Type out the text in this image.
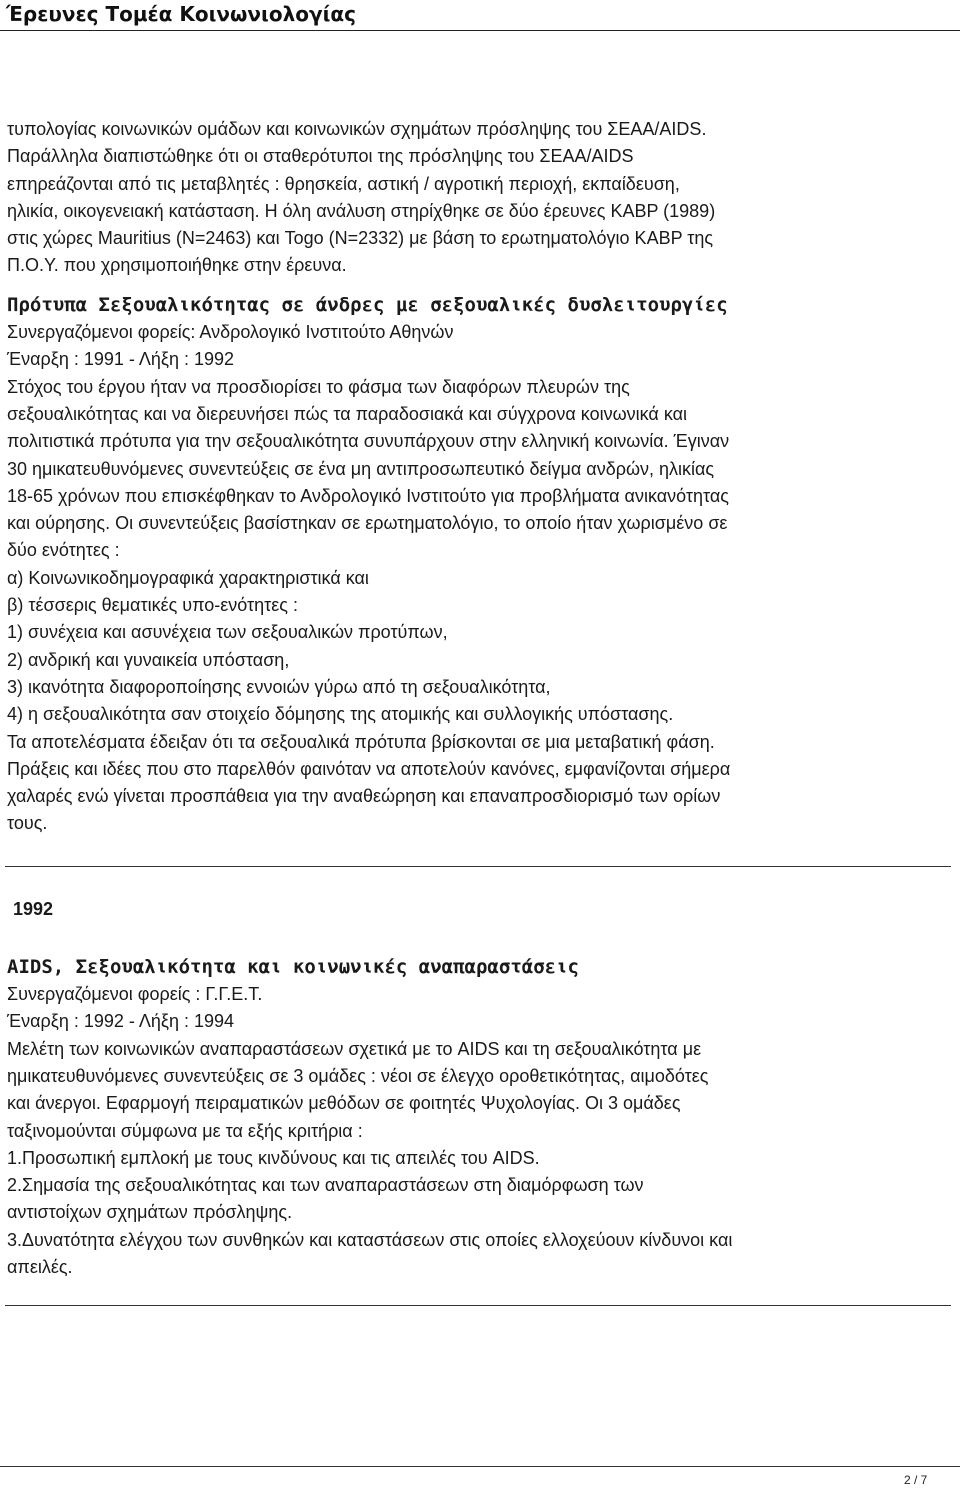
Έρευνες Τομέα Κοινωνιολογίας
τυπολογίας κοινωνικών ομάδων και κοινωνικών σχημάτων πρόσληψης του ΣΕΑΑ/AIDS.
Παράλληλα διαπιστώθηκε ότι οι σταθερότυποι της πρόσληψης του ΣΕΑΑ/AIDS
επηρεάζονται από τις μεταβλητές : θρησκεία, αστική / αγροτική περιοχή, εκπαίδευση,
ηλικία, οικογενειακή κατάσταση. Η όλη ανάλυση στηρίχθηκε σε δύο έρευνες KABP (1989)
στις χώρες Mauritius (N=2463) και Togo (N=2332) με βάση το ερωτηματολόγιο KABP της
Π.Ο.Υ. που χρησιμοποιήθηκε στην έρευνα.
Πρότυπα Σεξουαλικότητας σε άνδρες με σεξουαλικές δυσλειτουργίες
Συνεργαζόμενοι φορείς: Ανδρολογικό Ινστιτούτο Αθηνών
Έναρξη : 1991 - Λήξη : 1992
Στόχος του έργου ήταν να προσδιορίσει το φάσμα των διαφόρων πλευρών της
σεξουαλικότητας και να διερευνήσει πώς τα παραδοσιακά και σύγχρονα κοινωνικά και
πολιτιστικά πρότυπα για την σεξουαλικότητα συνυπάρχουν στην ελληνική κοινωνία. Έγιναν
30 ημικατευθυνόμενες συνεντεύξεις σε ένα μη αντιπροσωπευτικό δείγμα ανδρών, ηλικίας
18-65 χρόνων που επισκέφθηκαν το Ανδρολογικό Ινστιτούτο για προβλήματα ανικανότητας
και ούρησης. Οι συνεντεύξεις βασίστηκαν σε ερωτηματολόγιο, το οποίο ήταν χωρισμένο σε
δύο ενότητες :
α) Κοινωνικοδημογραφικά χαρακτηριστικά και
β) τέσσερις θεματικές υπο-ενότητες :
1) συνέχεια και ασυνέχεια των σεξουαλικών προτύπων,
2) ανδρική και γυναικεία υπόσταση,
3) ικανότητα διαφοροποίησης εννοιών γύρω από τη σεξουαλικότητα,
4) η σεξουαλικότητα σαν στοιχείο δόμησης της ατομικής και συλλογικής υπόστασης.
Τα αποτελέσματα έδειξαν ότι τα σεξουαλικά πρότυπα βρίσκονται σε μια μεταβατική φάση.
Πράξεις και ιδέες που στο παρελθόν φαινόταν να αποτελούν κανόνες, εμφανίζονται σήμερα
χαλαρές ενώ γίνεται προσπάθεια για την αναθεώρηση και επαναπροσδιορισμό των ορίων
τους.
1992
AIDS, Σεξουαλικότητα και κοινωνικές αναπαραστάσεις
Συνεργαζόμενοι φορείς : Γ.Γ.Ε.Τ.
Έναρξη : 1992 - Λήξη : 1994
Μελέτη των κοινωνικών αναπαραστάσεων σχετικά με το AIDS και τη σεξουαλικότητα με
ημικατευθυνόμενες συνεντεύξεις σε 3 ομάδες : νέοι σε έλεγχο οροθετικότητας, αιμοδότες
και άνεργοι. Εφαρμογή πειραματικών μεθόδων σε φοιτητές Ψυχολογίας. Οι 3 ομάδες
ταξινομούνται σύμφωνα με τα εξής κριτήρια :
1.Προσωπική εμπλοκή με τους κινδύνους και τις απειλές του AIDS.
2.Σημασία της σεξουαλικότητας και των αναπαραστάσεων στη διαμόρφωση των
αντιστοίχων σχημάτων πρόσληψης.
3.Δυνατότητα ελέγχου των συνθηκών και καταστάσεων στις οποίες ελλοχεύουν κίνδυνοι και
απειλές.
2 / 7
